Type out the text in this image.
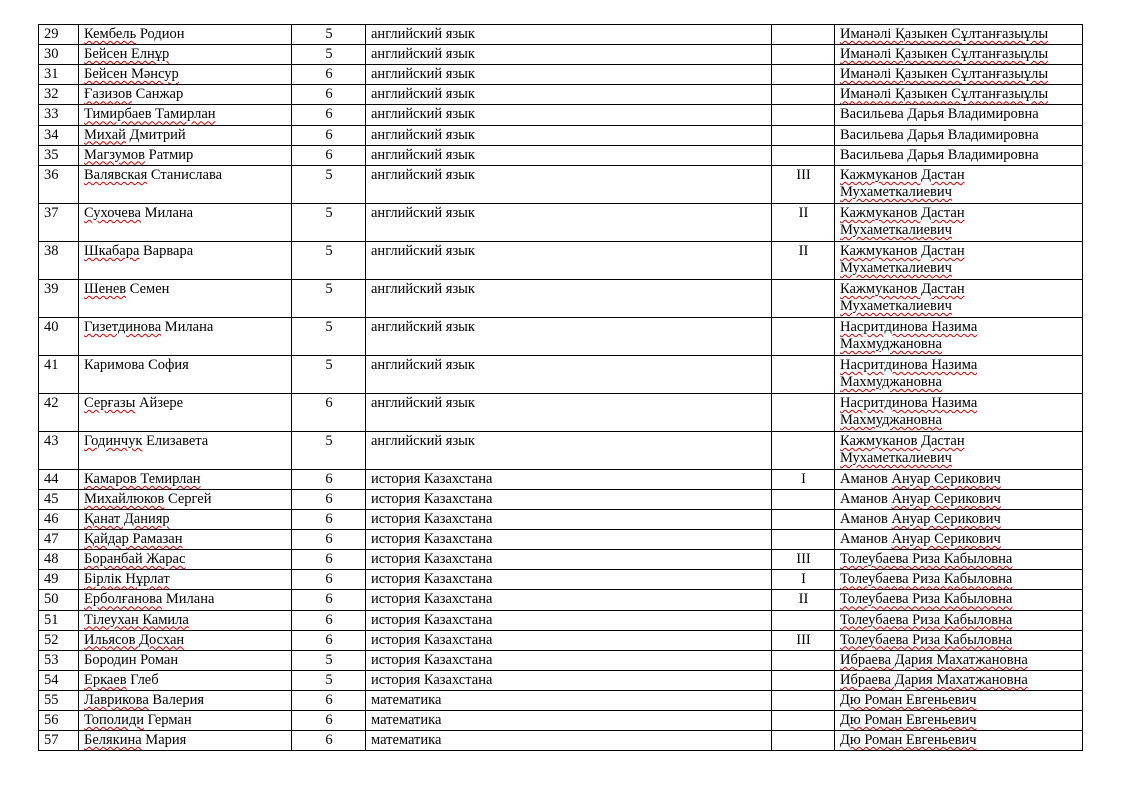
29	Кембель Родион	5	английский язык		Иманәлі Қазыкен Сұлтанғазыұлы

30	Бейсен Елнұр	5	английский язык		Иманәлі Қазыкен Сұлтанғазыұлы

31	Бейсен Мәнсур	6	английский язык		Иманәлі Қазыкен Сұлтанғазыұлы

32	Ғазизов Санжар	6	английский язык		Иманәлі Қазыкен Сұлтанғазыұлы

33	Тимирбаев Тамирлан	6	английский язык		Васильева Дарья Владимировна

34	Михай Дмитрий	6	английский язык		Васильева Дарья Владимировна

35	Магзумов Ратмир	6	английский язык		Васильева Дарья Владимировна

36	Валявская Станислава	5	английский язык	III	Кажмуканов Дастан Мухаметкалиевич

37	Сухочева Милана	5	английский язык	II	Кажмуканов Дастан Мухаметкалиевич

38	Шкабара Варвара	5	английский язык	II	Кажмуканов Дастан Мухаметкалиевич

39	Шенев Семен	5	английский язык		Кажмуканов Дастан Мухаметкалиевич

40	Гизетдинова Милана	5	английский язык		Насритдинова Назима Махмуджановна

41	Каримова София	5	английский язык		Насритдинова Назима Махмуджановна

42	Серғазы Айзере	6	английский язык		Насритдинова Назима Махмуджановна

43	Годинчук Елизавета	5	английский язык		Кажмуканов Дастан Мухаметкалиевич

44	Камаров Темирлан	6	история Казахстана	I	Аманов Ануар Серикович

45	Михайлюков Сергей	6	история Казахстана		Аманов Ануар Серикович

46	Қанат Данияр	6	история Казахстана		Аманов Ануар Серикович

47	Қайдар Рамазан	6	история Казахстана		Аманов Ануар Серикович

48	Боранбай Жарас	6	история Казахстана	III	Толеубаева Риза Кабыловна

49	Бірлік Нұрлат	6	история Казахстана	I	Толеубаева Риза Кабыловна

50	Ерболғанова Милана	6	история Казахстана	II	Толеубаева Риза Кабыловна

51	Тілеухан Камила	6	история Казахстана		Толеубаева Риза Кабыловна

52	Ильясов Досхан	6	история Казахстана	III	Толеубаева Риза Кабыловна

53	Бородин Роман	5	история Казахстана		Ибраева Дария Махатжановна

54	Еркаев Глеб	5	история Казахстана		Ибраева Дария Махатжановна

55	Лаврикова Валерия	6	математика		Дю Роман Евгеньевич

56	Тополиди Герман	6	математика		Дю Роман Евгеньевич

57	Белякина Мария	6	математика		Дю Роман Евгеньевич
